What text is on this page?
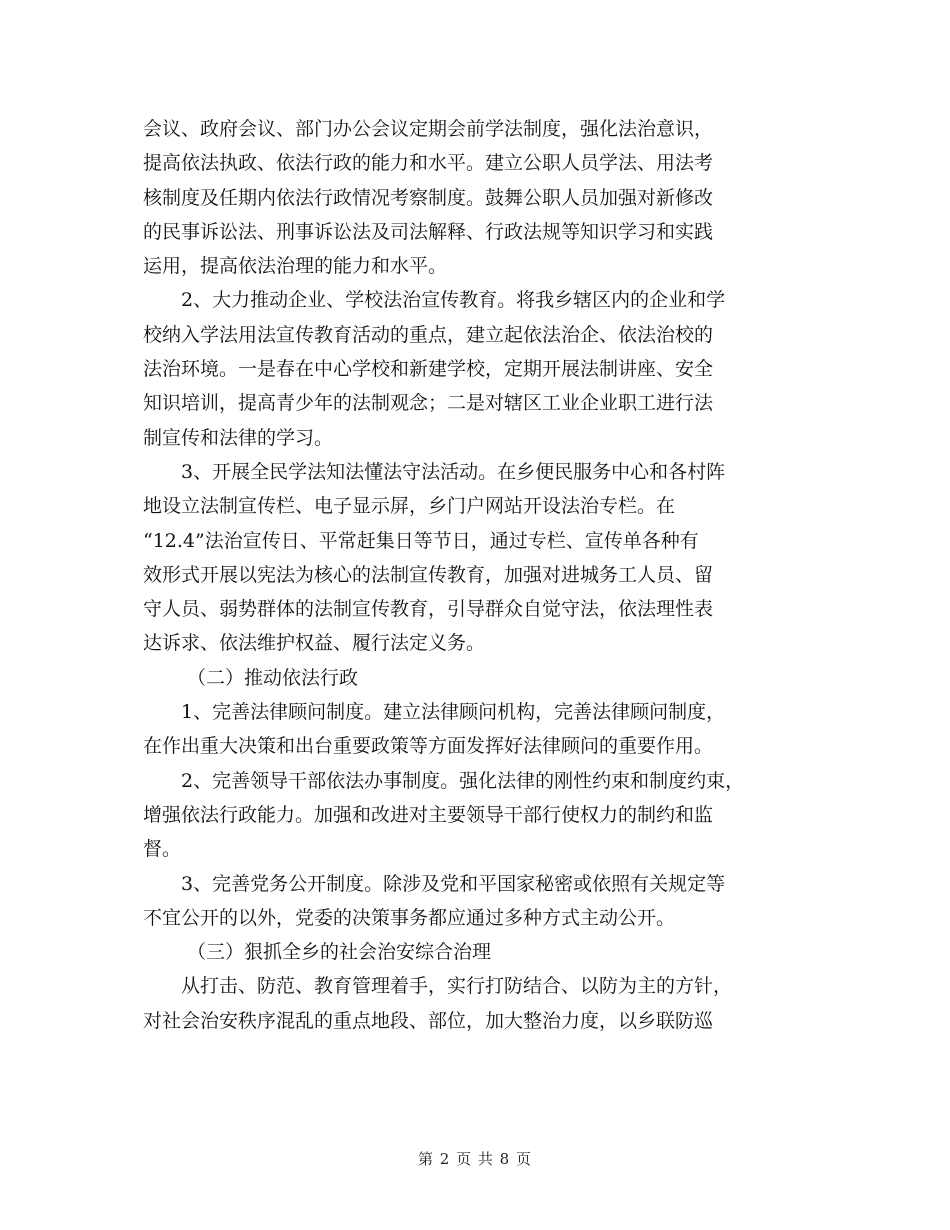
会议、政府会议、部门办公会议定期会前学法制度，强化法治意识，
提高依法执政、依法行政的能力和水平。建立公职人员学法、用法考
核制度及任期内依法行政情况考察制度。鼓舞公职人员加强对新修改
的民事诉讼法、刑事诉讼法及司法解释、行政法规等知识学习和实践
运用，提高依法治理的能力和水平。
2、大力推动企业、学校法治宣传教育。将我乡辖区内的企业和学
校纳入学法用法宣传教育活动的重点，建立起依法治企、依法治校的
法治环境。一是春在中心学校和新建学校，定期开展法制讲座、安全
知识培训，提高青少年的法制观念；二是对辖区工业企业职工进行法
制宣传和法律的学习。
3、开展全民学法知法懂法守法活动。在乡便民服务中心和各村阵
地设立法制宣传栏、电子显示屏，乡门户网站开设法治专栏。在
“12.4”法治宣传日、平常赶集日等节日，通过专栏、宣传单各种有
效形式开展以宪法为核心的法制宣传教育，加强对进城务工人员、留
守人员、弱势群体的法制宣传教育，引导群众自觉守法，依法理性表
达诉求、依法维护权益、履行法定义务。
（二）推动依法行政
1、完善法律顾问制度。建立法律顾问机构，完善法律顾问制度，
在作出重大决策和出台重要政策等方面发挥好法律顾问的重要作用。
2、完善领导干部依法办事制度。强化法律的刚性约束和制度约束，
增强依法行政能力。加强和改进对主要领导干部行使权力的制约和监
督。
3、完善党务公开制度。除涉及党和平国家秘密或依照有关规定等
不宜公开的以外，党委的决策事务都应通过多种方式主动公开。
（三）狠抓全乡的社会治安综合治理
从打击、防范、教育管理着手，实行打防结合、以防为主的方针，
对社会治安秩序混乱的重点地段、部位，加大整治力度，以乡联防巡
第 2 页 共 8 页
